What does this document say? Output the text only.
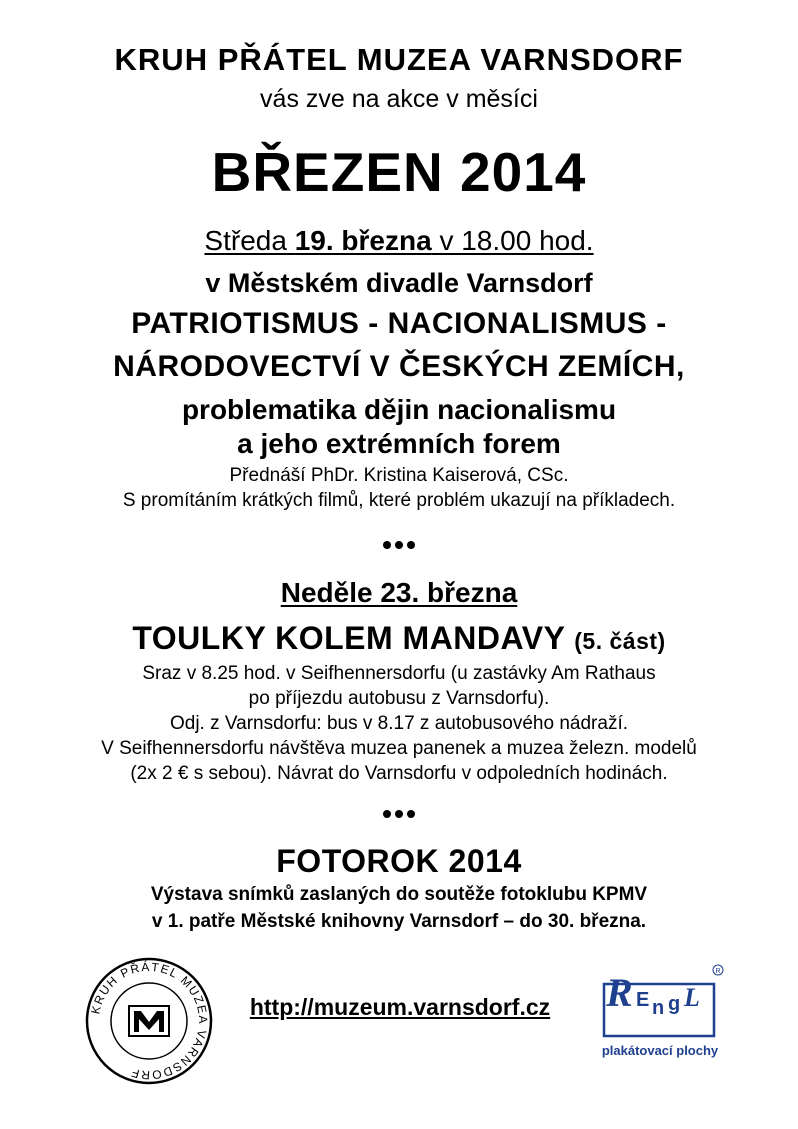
KRUH PŘÁTEL MUZEA VARNSDORF
vás zve na akce v měsíci
BŘEZEN 2014
Středa 19. března v 18.00 hod.
v Městském divadle Varnsdorf
PATRIOTISMUS - NACIONALISMUS -
NÁRODOVECTVÍ V ČESKÝCH ZEMÍCH,
problematika dějin nacionalismu
a jeho extrémních forem
Přednáší PhDr. Kristina Kaiserová, CSc.
S promítáním krátkých filmů, které problém ukazují na příkladech.
Neděle 23. března
TOULKY KOLEM MANDAVY (5. část)
Sraz v 8.25 hod. v Seifhennersdorfu (u zastávky Am Rathaus
po příjezdu autobusu z Varnsdorfu).
Odj. z Varnsdorfu: bus v 8.17 z autobusového nádraží.
V Seifhennersdorfu návštěva muzea panenek a muzea železn. modelů
(2x 2 € s sebou). Návrat do Varnsdorfu v odpoledních hodinách.
FOTOROK 2014
Výstava snímků zaslaných do soutěže fotoklubu KPMV
v 1. patře Městské knihovny Varnsdorf – do 30. března.
KRUH PŘÁTEL MUZEA VARNSDORF
http://muzeum.varnsdorf.cz R E n g L
R
plakátovací plochy
